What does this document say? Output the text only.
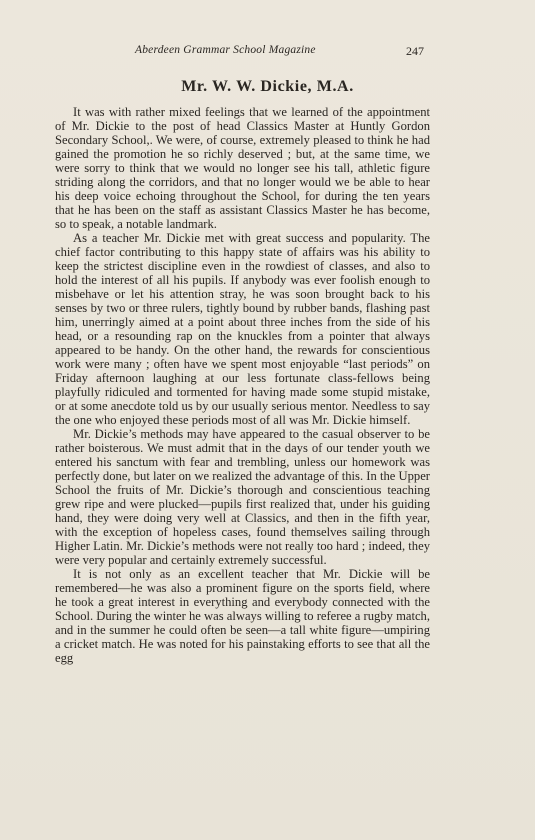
Aberdeen Grammar School Magazine	247
Mr. W. W. Dickie, M.A.

It was with rather mixed feelings that we learned of the appointment of Mr. Dickie to the post of head Classics Master at Huntly Gordon Secondary School,. We were, of course, extremely pleased to think he had gained the promotion he so richly deserved ; but, at the same time, we were sorry to think that we would no longer see his tall, athletic figure striding along the corridors, and that no longer would we be able to hear his deep voice echoing throughout the School, for during the ten years that he has been on the staff as assistant Classics Master he has become, so to speak, a notable landmark.

As a teacher Mr. Dickie met with great success and popularity. The chief factor contributing to this happy state of affairs was his ability to keep the strictest discipline even in the rowdiest of classes, and also to hold the interest of all his pupils. If anybody was ever foolish enough to misbehave or let his attention stray, he was soon brought back to his senses by two or three rulers, tightly bound by rubber bands, flashing past him, unerringly aimed at a point about three inches from the side of his head, or a resounding rap on the knuckles from a pointer that always appeared to be handy. On the other hand, the rewards for conscientious work were many ; often have we spent most enjoyable “last periods” on Friday afternoon laughing at our less fortunate class-fellows being playfully ridiculed and tormented for having made some stupid mistake, or at some anecdote told us by our usually serious mentor. Needless to say the one who enjoyed these periods most of all was Mr. Dickie himself.

Mr. Dickie’s methods may have appeared to the casual observer to be rather boisterous. We must admit that in the days of our tender youth we entered his sanctum with fear and trembling, unless our homework was perfectly done, but later on we realized the advantage of this. In the Upper School the fruits of Mr. Dickie’s thorough and conscientious teaching grew ripe and were plucked—pupils first realized that, under his guiding hand, they were doing very well at Classics, and then in the fifth year, with the exception of hopeless cases, found themselves sailing through Higher Latin. Mr. Dickie’s methods were not really too hard ; indeed, they were very popular and certainly extremely successful.

It is not only as an excellent teacher that Mr. Dickie will be remembered—he was also a prominent figure on the sports field, where he took a great interest in everything and everybody connected with the School. During the winter he was always willing to referee a rugby match, and in the summer he could often be seen—a tall white figure—umpiring a cricket match. He was noted for his painstaking efforts to see that all the egg
